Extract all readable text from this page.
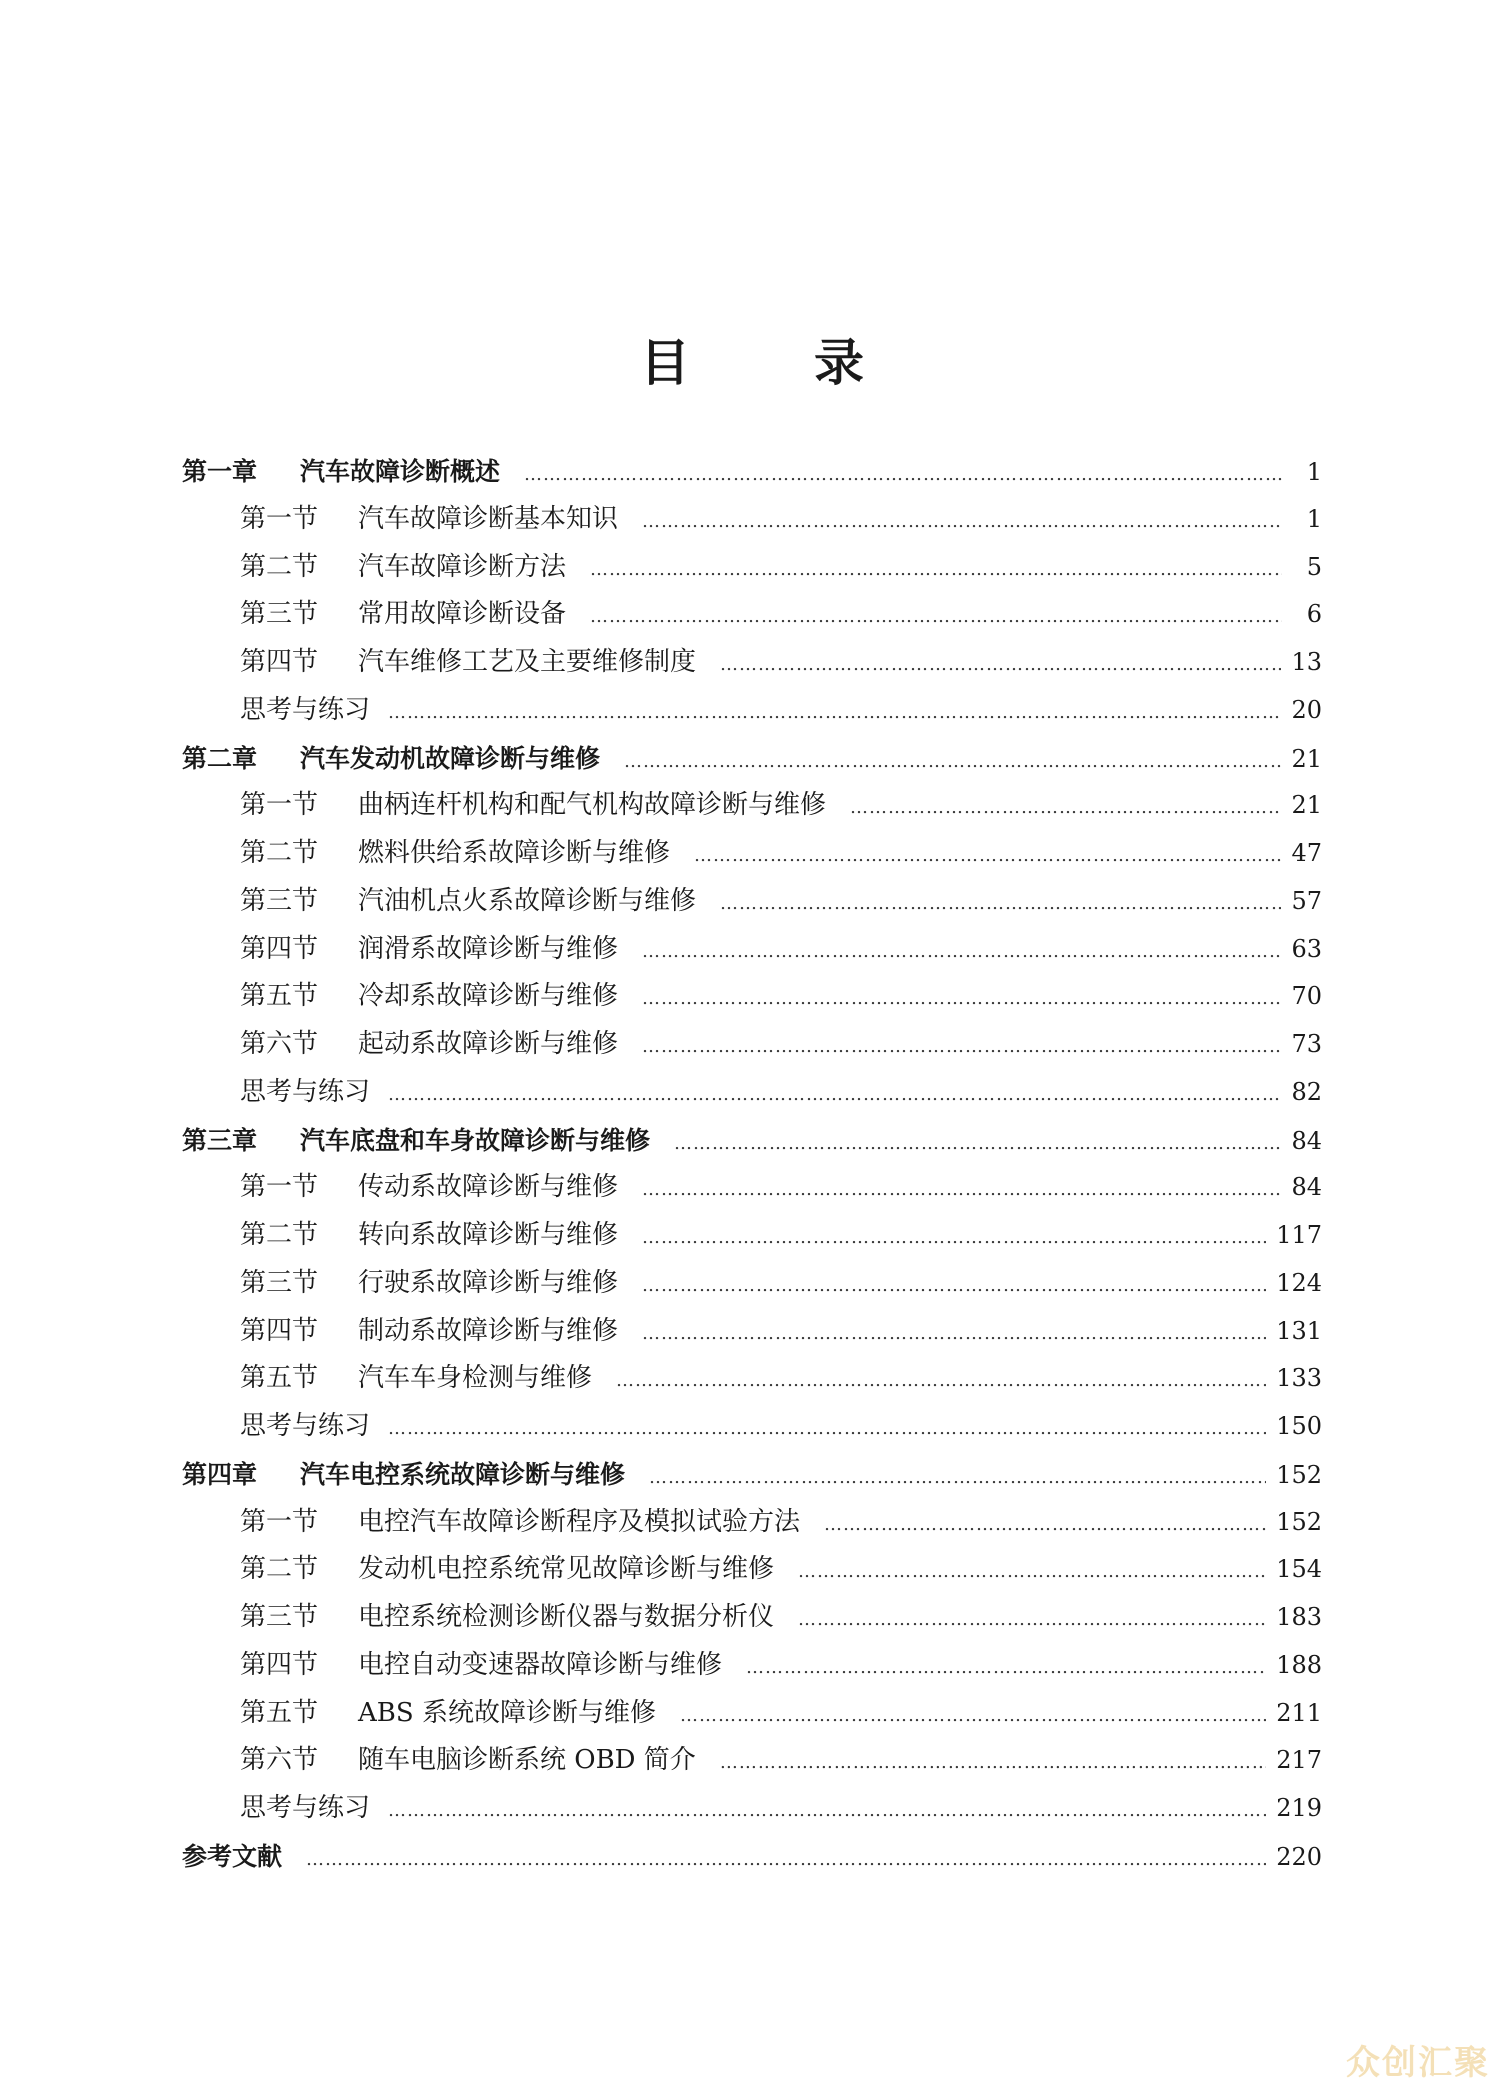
目 录
第一章	汽车故障诊断概述 ………………………………………………………………………………………………………………………………………………………………………………………………	1
第一节	汽车故障诊断基本知识 ………………………………………………………………………………………………………………………………………………………………………………………………	1
第二节	汽车故障诊断方法 ………………………………………………………………………………………………………………………………………………………………………………………………	5
第三节	常用故障诊断设备 ………………………………………………………………………………………………………………………………………………………………………………………………	6
第四节	汽车维修工艺及主要维修制度 ………………………………………………………………………………………………………………………………………………………………………………………………	13
思考与练习 ………………………………………………………………………………………………………………………………………………………………………………………………	20
第二章	汽车发动机故障诊断与维修 ………………………………………………………………………………………………………………………………………………………………………………………………	21
第一节	曲柄连杆机构和配气机构故障诊断与维修 ………………………………………………………………………………………………………………………………………………………………………………………………	21
第二节	燃料供给系故障诊断与维修 ………………………………………………………………………………………………………………………………………………………………………………………………	47
第三节	汽油机点火系故障诊断与维修 ………………………………………………………………………………………………………………………………………………………………………………………………	57
第四节	润滑系故障诊断与维修 ………………………………………………………………………………………………………………………………………………………………………………………………	63
第五节	冷却系故障诊断与维修 ………………………………………………………………………………………………………………………………………………………………………………………………	70
第六节	起动系故障诊断与维修 ………………………………………………………………………………………………………………………………………………………………………………………………	73
思考与练习 ………………………………………………………………………………………………………………………………………………………………………………………………	82
第三章	汽车底盘和车身故障诊断与维修 ………………………………………………………………………………………………………………………………………………………………………………………………	84
第一节	传动系故障诊断与维修 ………………………………………………………………………………………………………………………………………………………………………………………………	84
第二节	转向系故障诊断与维修 ………………………………………………………………………………………………………………………………………………………………………………………………	117
第三节	行驶系故障诊断与维修 ………………………………………………………………………………………………………………………………………………………………………………………………	124
第四节	制动系故障诊断与维修 ………………………………………………………………………………………………………………………………………………………………………………………………	131
第五节	汽车车身检测与维修 ………………………………………………………………………………………………………………………………………………………………………………………………	133
思考与练习 ………………………………………………………………………………………………………………………………………………………………………………………………	150
第四章	汽车电控系统故障诊断与维修 ………………………………………………………………………………………………………………………………………………………………………………………………	152
第一节	电控汽车故障诊断程序及模拟试验方法 ………………………………………………………………………………………………………………………………………………………………………………………………	152
第二节	发动机电控系统常见故障诊断与维修 ………………………………………………………………………………………………………………………………………………………………………………………………	154
第三节	电控系统检测诊断仪器与数据分析仪 ………………………………………………………………………………………………………………………………………………………………………………………………	183
第四节	电控自动变速器故障诊断与维修 ………………………………………………………………………………………………………………………………………………………………………………………………	188
第五节	ABS 系统故障诊断与维修 ………………………………………………………………………………………………………………………………………………………………………………………………	211
第六节	随车电脑诊断系统 OBD 简介 ………………………………………………………………………………………………………………………………………………………………………………………………	217
思考与练习 ………………………………………………………………………………………………………………………………………………………………………………………………	219
参考文献 ………………………………………………………………………………………………………………………………………………………………………………………………	220
众创汇聚
